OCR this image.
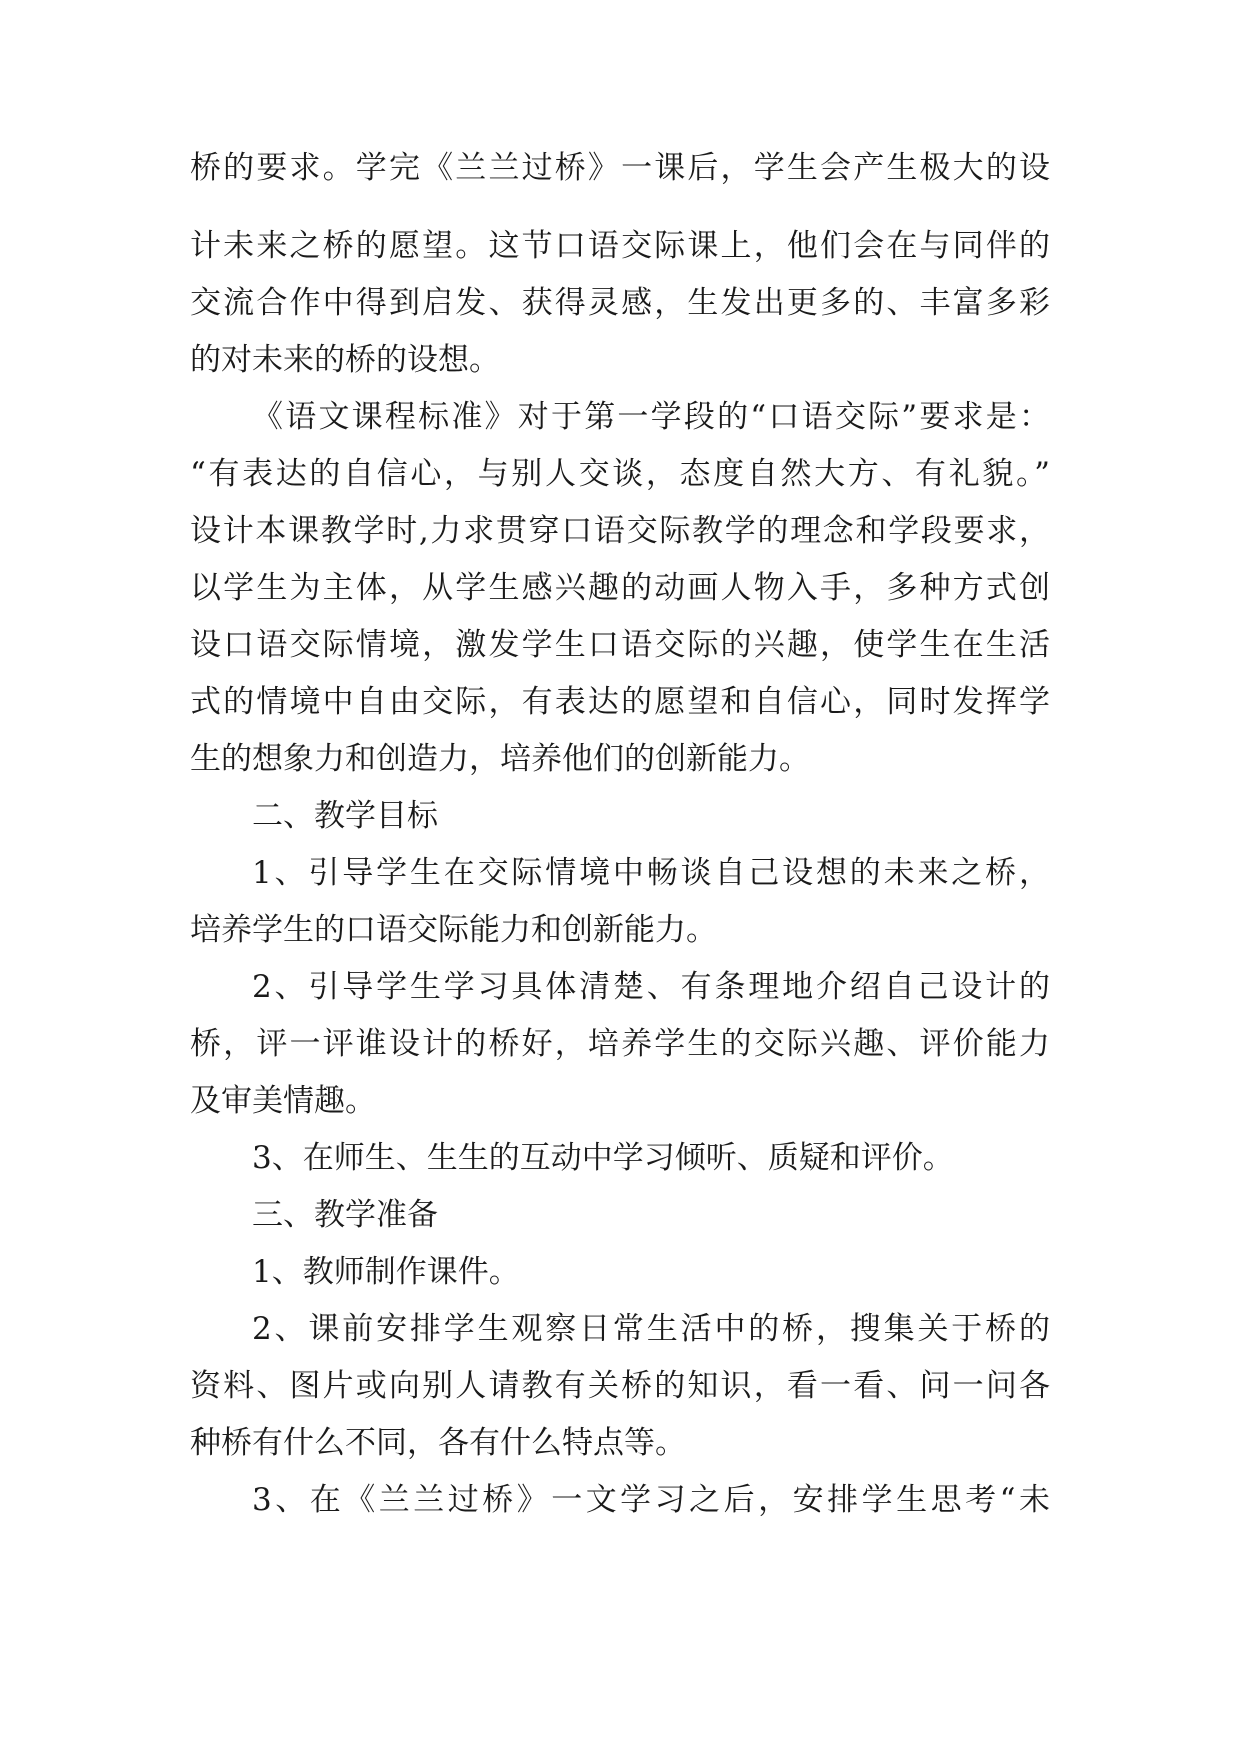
桥的要求。学完《兰兰过桥》一课后，学生会产生极大的设

计未来之桥的愿望。这节口语交际课上，他们会在与同伴的

交流合作中得到启发、获得灵感，生发出更多的、丰富多彩

的对未来的桥的设想。

《语文课程标准》对于第一学段的“口语交际”要求是：

“有表达的自信心，与别人交谈，态度自然大方、有礼貌。”

设计本课教学时,力求贯穿口语交际教学的理念和学段要求，

以学生为主体，从学生感兴趣的动画人物入手，多种方式创

设口语交际情境，激发学生口语交际的兴趣，使学生在生活

式的情境中自由交际，有表达的愿望和自信心，同时发挥学

生的想象力和创造力，培养他们的创新能力。

二、教学目标

1、引导学生在交际情境中畅谈自己设想的未来之桥，

培养学生的口语交际能力和创新能力。

2、引导学生学习具体清楚、有条理地介绍自己设计的

桥，评一评谁设计的桥好，培养学生的交际兴趣、评价能力

及审美情趣。

3、在师生、生生的互动中学习倾听、质疑和评价。

三、教学准备

1、教师制作课件。

2、课前安排学生观察日常生活中的桥，搜集关于桥的

资料、图片或向别人请教有关桥的知识，看一看、问一问各

种桥有什么不同，各有什么特点等。

3、在《兰兰过桥》一文学习之后，安排学生思考“未
